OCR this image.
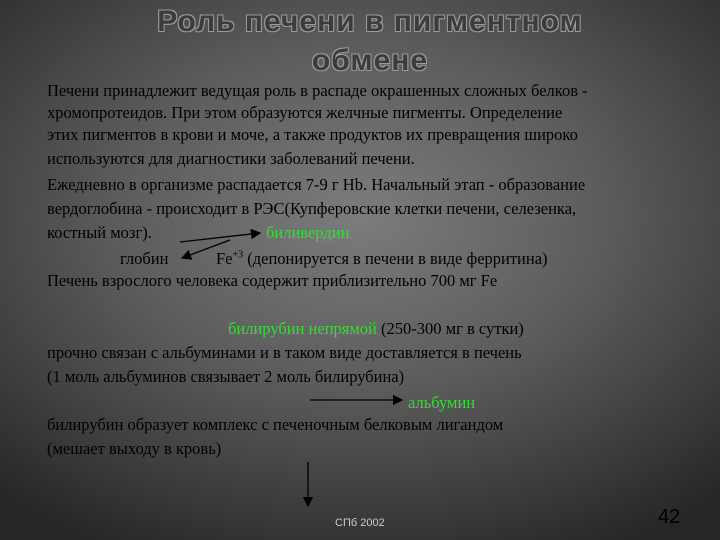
Роль печени в пигментном
обмене
Печени принадлежит ведущая роль в распаде окрашенных сложных белков -
хромопротеидов. При этом образуются желчные пигменты. Определение
этих пигментов в крови и моче, а также продуктов их превращения широко
используются для диагностики заболеваний печени.
Ежедневно в организме распадается 7-9 г Hb. Начальный этап - образование
вердоглобина - происходит в РЭС(Купферовские клетки печени, селезенка,
костный мозг).	биливердин
глобин	$Fe^{+3}$ (депонируется в печени в виде ферритина)
Печень взрослого человека содержит приблизительно 700 мг Fe
билирубин непрямой (250-300 мг в сутки)
прочно связан с альбуминами и в таком виде доставляется в печень
(1 моль альбуминов связывает 2 моль билирубина)
альбумин
билирубин образует комплекс с печеночным белковым лигандом
(мешает выходу в кровь)
СПб 2002	42
